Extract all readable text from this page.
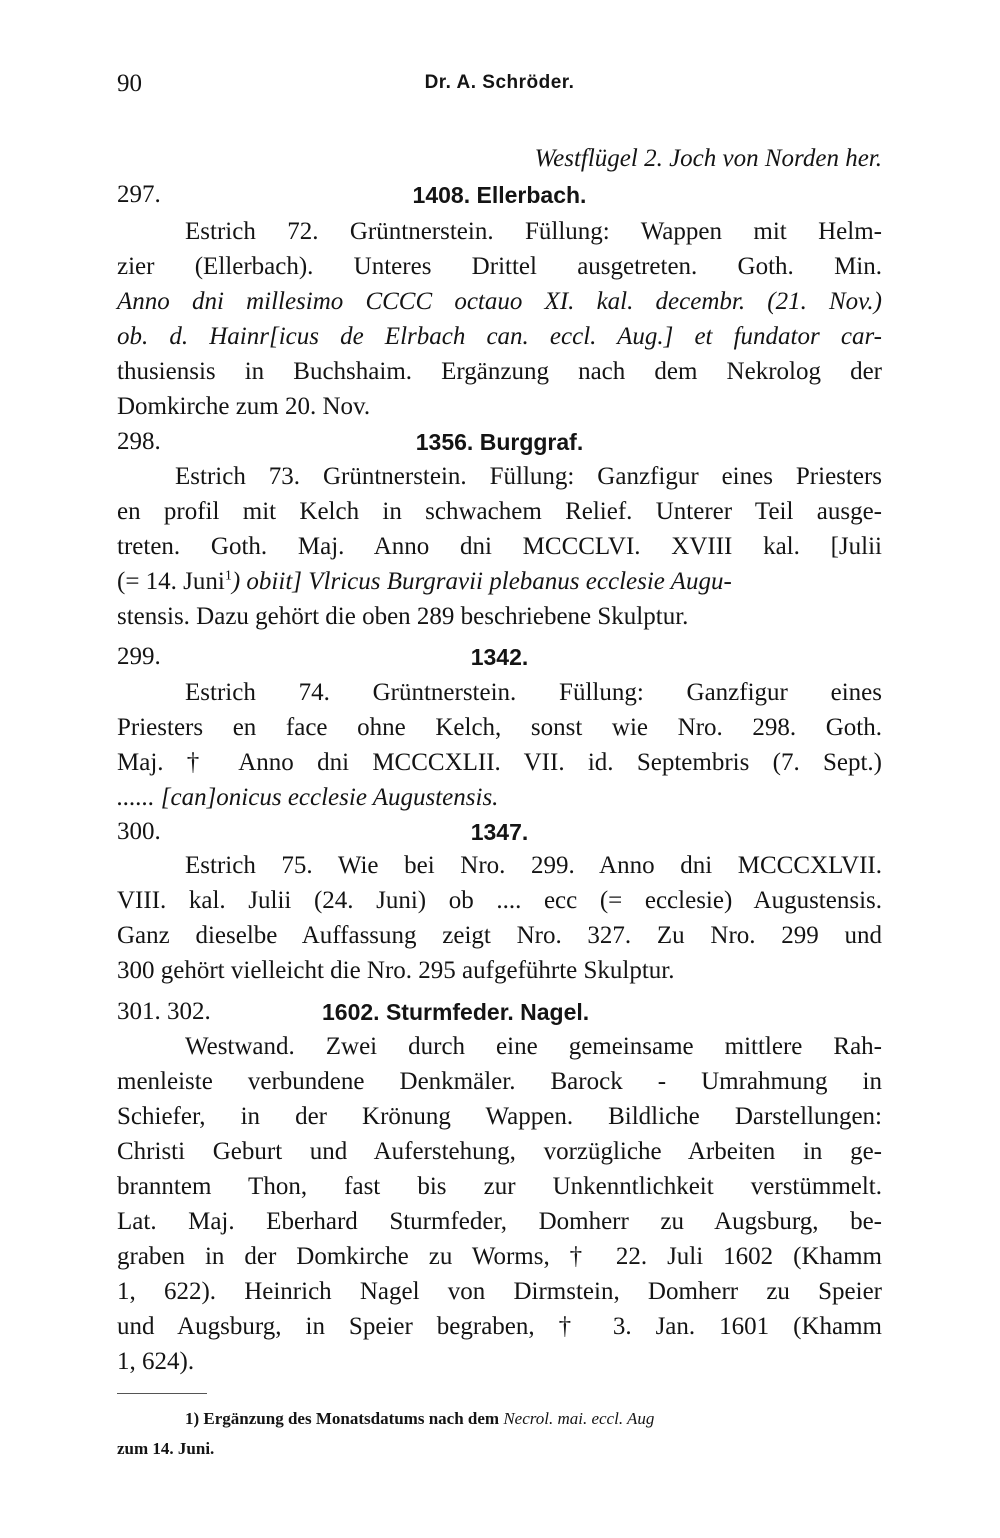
90	Dr. A. Schröder.
Westflügel 2. Joch von Norden her.
297.	1408. Ellerbach.
Estrich 72. Grüntnerstein. Füllung: Wappen mit Helm-
zier (Ellerbach). Unteres Drittel ausgetreten. Goth. Min.
Anno dni millesimo CCCC octauo XI. kal. decembr. (21. Nov.)
ob. d. Hainr[icus de Elrbach can. eccl. Aug.] et fundator car-
thusiensis in Buchshaim. Ergänzung nach dem Nekrolog der
Domkirche zum 20. Nov.
298.	1356. Burggraf.
Estrich 73. Grüntnerstein. Füllung: Ganzfigur eines Priesters
en profil mit Kelch in schwachem Relief. Unterer Teil ausge-
treten. Goth. Maj. Anno dni MCCCLVI. XVIII kal. [Julii
(= 14. Juni$^1$) obiit] Vlricus Burgravii plebanus ecclesie Augu-
stensis. Dazu gehört die oben 289 beschriebene Skulptur.
299.	1342.
Estrich 74. Grüntnerstein. Füllung: Ganzfigur eines
Priesters en face ohne Kelch, sonst wie Nro. 298. Goth.
Maj. † Anno dni MCCCXLII. VII. id. Septembris (7. Sept.)
...... [can]onicus ecclesie Augustensis.
300.	1347.
Estrich 75. Wie bei Nro. 299. Anno dni MCCCXLVII.
VIII. kal. Julii (24. Juni) ob .... ecc (= ecclesie) Augustensis.
Ganz dieselbe Auffassung zeigt Nro. 327. Zu Nro. 299 und
300 gehört vielleicht die Nro. 295 aufgeführte Skulptur.
301. 302.	1602. Sturmfeder. Nagel.
Westwand. Zwei durch eine gemeinsame mittlere Rah-
menleiste verbundene Denkmäler. Barock - Umrahmung in
Schiefer, in der Krönung Wappen. Bildliche Darstellungen:
Christi Geburt und Auferstehung, vorzügliche Arbeiten in ge-
branntem Thon, fast bis zur Unkenntlichkeit verstümmelt.
Lat. Maj. Eberhard Sturmfeder, Domherr zu Augsburg, be-
graben in der Domkirche zu Worms, † 22. Juli 1602 (Khamm
1, 622). Heinrich Nagel von Dirmstein, Domherr zu Speier
und Augsburg, in Speier begraben, † 3. Jan. 1601 (Khamm
1, 624).
1) Ergänzung des Monatsdatums nach dem Necrol. mai. eccl. Aug
zum 14. Juni.
